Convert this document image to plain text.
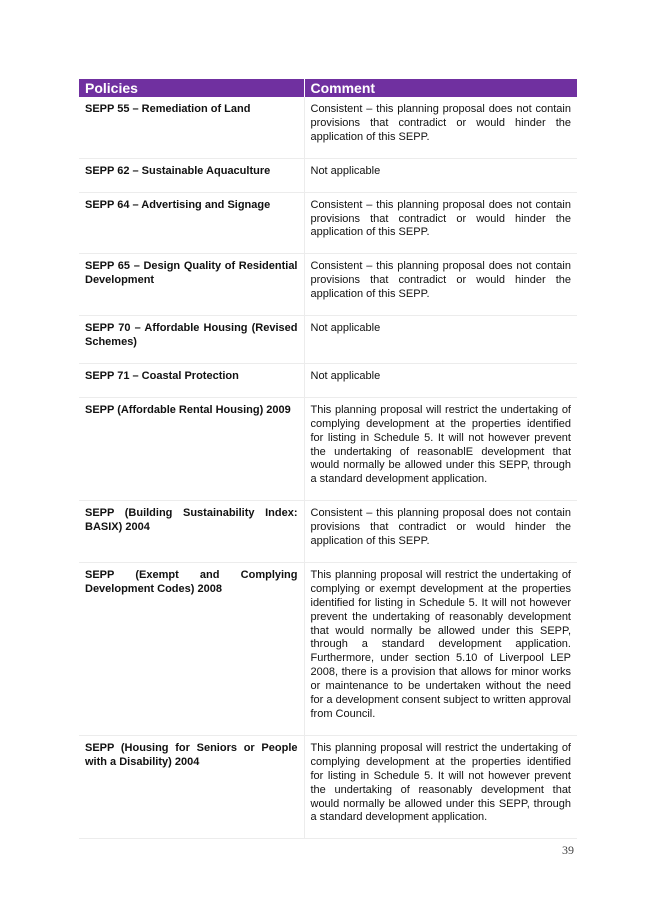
Policies	Comment
SEPP 55 – Remediation of Land	Consistent – this planning proposal does not contain provisions that contradict or would hinder the application of this SEPP.
SEPP 62 – Sustainable Aquaculture	Not applicable
SEPP 64 – Advertising and Signage	Consistent – this planning proposal does not contain provisions that contradict or would hinder the application of this SEPP.
SEPP 65 – Design Quality of Residential Development	Consistent – this planning proposal does not contain provisions that contradict or would hinder the application of this SEPP.
SEPP 70 – Affordable Housing (Revised Schemes)	Not applicable
SEPP 71 – Coastal Protection	Not applicable
SEPP (Affordable Rental Housing) 2009	This planning proposal will restrict the undertaking of complying development at the properties identified for listing in Schedule 5. It will not however prevent the undertaking of reasonablE development that would normally be allowed under this SEPP, through a standard development application.
SEPP (Building Sustainability Index: BASIX) 2004	Consistent – this planning proposal does not contain provisions that contradict or would hinder the application of this SEPP.
SEPP (Exempt and Complying Development Codes) 2008	This planning proposal will restrict the undertaking of complying or exempt development at the properties identified for listing in Schedule 5. It will not however prevent the undertaking of reasonably development that would normally be allowed under this SEPP, through a standard development application. Furthermore, under section 5.10 of Liverpool LEP 2008, there is a provision that allows for minor works or maintenance to be undertaken without the need for a development consent subject to written approval from Council.
SEPP (Housing for Seniors or People with a Disability) 2004	This planning proposal will restrict the undertaking of complying development at the properties identified for listing in Schedule 5. It will not however prevent the undertaking of reasonably development that would normally be allowed under this SEPP, through a standard development application.
39
